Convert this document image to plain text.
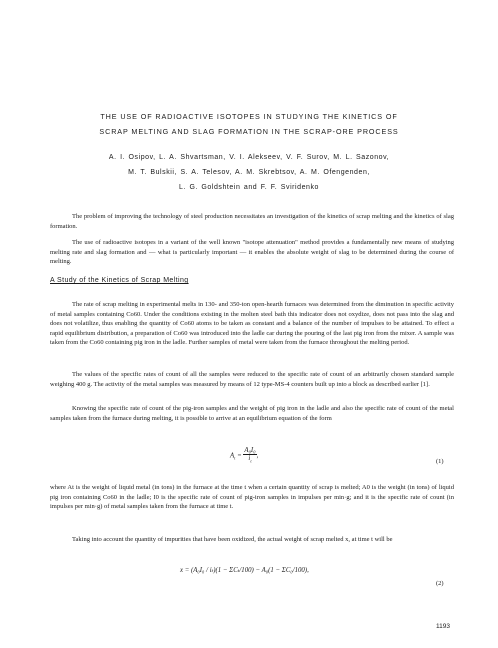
THE USE OF RADIOACTIVE ISOTOPES IN STUDYING THE KINETICS OF
SCRAP MELTING AND SLAG FORMATION IN THE SCRAP-ORE PROCESS
A. I. Osipov, L. A. Shvartsman, V. I. Alekseev, V. F. Surov, M. L. Sazonov,
M. T. Bulskii, S. A. Telesov, A. M. Skrebtsov, A. M. Ofengenden,
L. G. Goldshtein and F. F. Sviridenko
The problem of improving the technology of steel production necessitates an investigation of the kinetics of scrap melting and the kinetics of slag formation.
The use of radioactive isotopes in a variant of the well known "isotope attenuation" method provides a fundamentally new means of studying melting rate and slag formation and — what is particularly important — it enables the absolute weight of slag to be determined during the course of melting.
A Study of the Kinetics of Scrap Melting
The rate of scrap melting in experimental melts in 130- and 350-ton open-hearth furnaces was determined from the diminution in specific activity of metal samples containing Co60. Under the conditions existing in the molten steel bath this indicator does not oxydize, does not pass into the slag and does not volatilize, thus enabling the quantity of Co60 atoms to be taken as constant and a balance of the number of impulses to be attained. To effect a rapid equilibrium distribution, a preparation of Co60 was introduced into the ladle car during the pouring of the last pig iron from the mixer. A sample was taken from the Co60 containing pig iron in the ladle. Further samples of metal were taken from the furnace throughout the melting period.
The values of the specific rates of count of all the samples were reduced to the specific rate of count of an arbitrarily chosen standard sample weighing 400 g. The activity of the metal samples was measured by means of 12 type-MS-4 counters built up into a block as described earlier [1].
Knowing the specific rate of count of the pig-iron samples and the weight of pig iron in the ladle and also the specific rate of count of the metal samples taken from the furnace during melting, it is possible to arrive at an equilibrium equation of the form
$A_t = \frac{\text{A₀I₀}}{i_t}$ ,
(1)
where At is the weight of liquid metal (in tons) in the furnace at the time t when a certain quantity of scrap is melted; A0 is the weight (in tons) of liquid pig iron containing Co60 in the ladle; I0 is the specific rate of count of pig-iron samples in impulses per min·g; and it is the specific rate of count (in impulses per min·g) of metal samples taken from the furnace at time t.
Taking into account the quantity of impurities that have been oxidized, the actual weight of scrap melted x, at time t will be
x = (A₀I₀ / iₜ)(1 − ΣCₜ/100) − A₀(1 − ΣC₀/100),
(2)
1193
